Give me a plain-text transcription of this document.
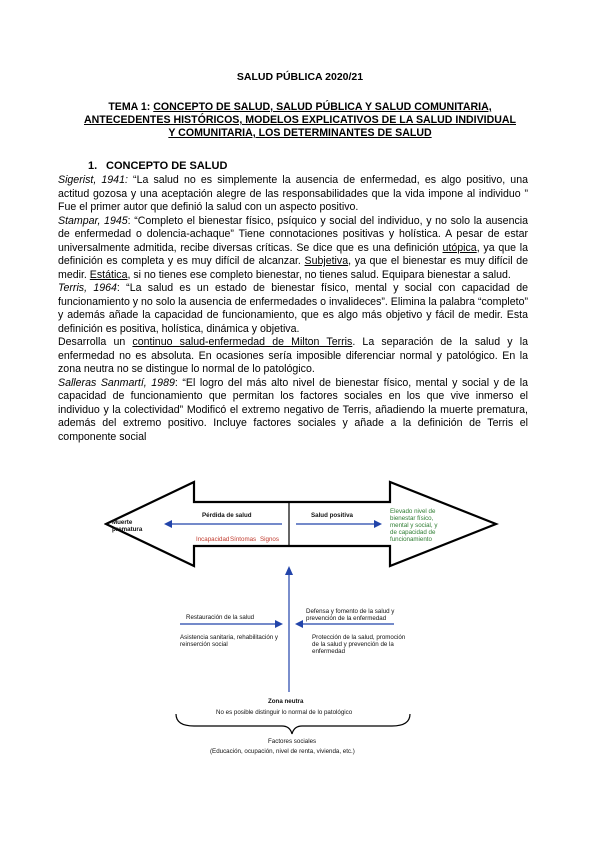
SALUD PÚBLICA 2020/21
TEMA 1: CONCEPTO DE SALUD, SALUD PÚBLICA Y SALUD COMUNITARIA,
ANTECEDENTES HISTÓRICOS, MODELOS EXPLICATIVOS DE LA SALUD INDIVIDUAL
Y COMUNITARIA, LOS DETERMINANTES DE SALUD
1. CONCEPTO DE SALUD

Sigerist, 1941: “La salud no es simplemente la ausencia de enfermedad, es algo positivo, una actitud gozosa y una aceptación alegre de las responsabilidades que la vida impone al individuo ” Fue el primer autor que definió la salud con un aspecto positivo.

Stampar, 1945: “Completo el bienestar físico, psíquico y social del individuo, y no solo la ausencia de enfermedad o dolencia-achaque” Tiene connotaciones positivas y holística. A pesar de estar universalmente admitida, recibe diversas críticas. Se dice que es una definición utópica, ya que la definición es completa y es muy difícil de alcanzar. Subjetiva, ya que el bienestar es muy difícil de medir. Estática, si no tienes ese completo bienestar, no tienes salud. Equipara bienestar a salud.

Terris, 1964: “La salud es un estado de bienestar físico, mental y social con capacidad de funcionamiento y no solo la ausencia de enfermedades o invalideces”. Elimina la palabra “completo” y además añade la capacidad de funcionamiento, que es algo más objetivo y fácil de medir. Esta definición es positiva, holística, dinámica y objetiva.

Desarrolla un continuo salud-enfermedad de Milton Terris. La separación de la salud y la enfermedad no es absoluta. En ocasiones sería imposible diferenciar normal y patológico. En la zona neutra no se distingue lo normal de lo patológico.

Salleras Sanmartí, 1989: “El logro del más alto nivel de bienestar físico, mental y social y de la capacidad de funcionamiento que permitan los factores sociales en los que vive inmerso el individuo y la colectividad” Modificó el extremo negativo de Terris, añadiendo la muerte prematura, además del extremo positivo. Incluye factores sociales y añade a la definición de Terris el componente social

Muerte prematura
Pérdida de salud
Incapacidad Síntomas Signos
Salud positiva
Elevado nivel de bienestar físico, mental y social, y de capacidad de funcionamiento
Restauración de la salud
Asistencia sanitaria, rehabilitación y reinserción social
Defensa y fomento de la salud y prevención de la enfermedad
Protección de la salud, promoción de la salud y prevención de la enfermedad
Zona neutra
No es posible distinguir lo normal de lo patológico
Factores sociales
(Educación, ocupación, nivel de renta, vivienda, etc.)
